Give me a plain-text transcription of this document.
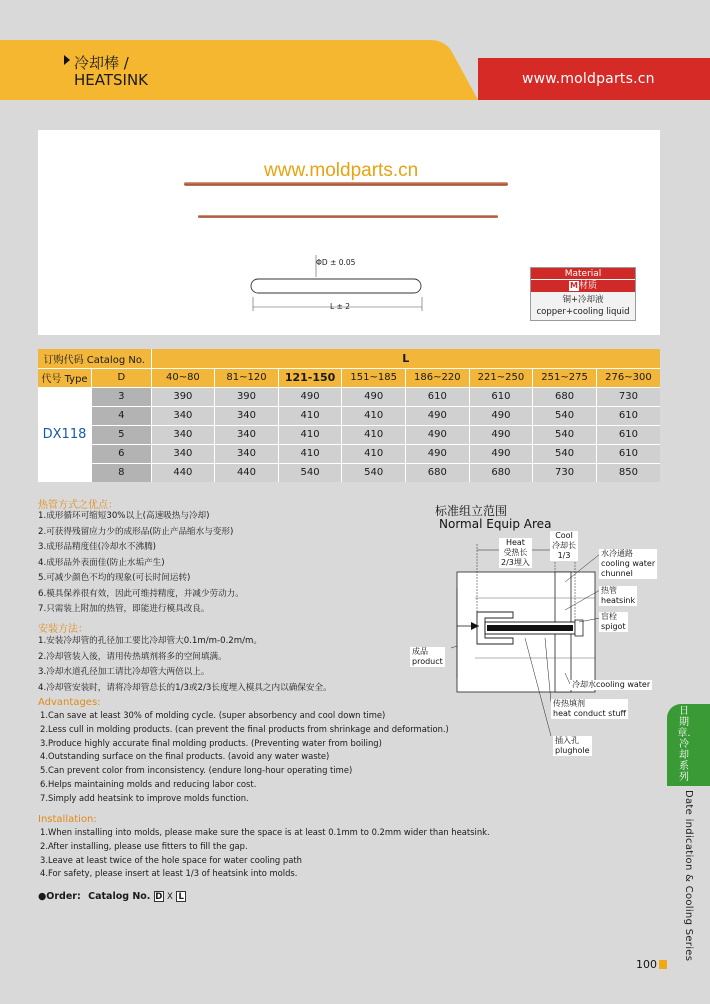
冷却棒 /
HEATSINK	www.moldparts.cn
www.moldparts.cn
ΦD ± 0.05
L ± 2
Material
M材质
铜+冷却液
copper+cooling liquid
订购代码 Catalog No.		L							
代号 Type	D	40~80	81~120	121-150	151~185	186~220	221~250	251~275	276~300
DX118	3	390	390	490	490	610	610	680	730
	4	340	340	410	410	490	490	540	610
	5	340	340	410	410	490	490	540	610
	6	340	340	410	410	490	490	540	610
	8	440	440	540	540	680	680	730	850
热管方式之优点：
1.成形循环可缩短30%以上(高速吸热与冷却)
2.可获得残留应力少的成形品(防止产品缩水与变形)
3.成形品精度佳(冷却水不沸腾)
4.成形品外表面佳(防止水垢产生)
5.可减少颜色不均的现象(可长时间运转)
6.模具保养很有效，因此可维持精度，并减少劳动力。
7.只需装上附加的热管，即能进行模具改良。
安装方法：
1.安装冷却管的孔径加工要比冷却管大0.1m/m-0.2m/m。
2.冷却管装入後，请用传热填剂将多的空间填满。
3.冷却水道孔径加工请比冷却管大两倍以上。
4.冷却管安装时，请将冷却管总长的1/3或2/3长度埋入模具之内以确保安全。
Advantages:
1.Can save at least 30% of molding cycle. (super absorbency and cool down time)
2.Less cull in molding products. (can prevent the final products from shrinkage and deformation.)
3.Produce highly accurate final molding products. (Preventing water from boiling)
4.Outstanding surface on the final products. (avoid any water waste)
5.Can prevent color from inconsistency. (endure long-hour operating time)
6.Helps maintaining molds and reducing labor cost.
7.Simply add heatsink to improve molds function.
Installation:
1.When installing into molds, please make sure the space is at least 0.1mm to 0.2mm wider than heatsink.
2.After installing, please use fitters to fill the gap.
3.Leave at least twice of the hole space for water cooling path
4.For safety, please insert at least 1/3 of heatsink into molds.
标准组立范围
Normal Equip Area
Heat
受热长
2/3埋入
Cool
冷却长
1/3	水冷通路
cooling water
chunnel
热管
heatsink
盲栓
spigot
成品
product
冷却水cooling water
传热填剂
heat conduct stuff
插入孔
plughole
日期章.冷却系列
Date indication & Cooling Series
●Order: Catalog No. D X L
100
